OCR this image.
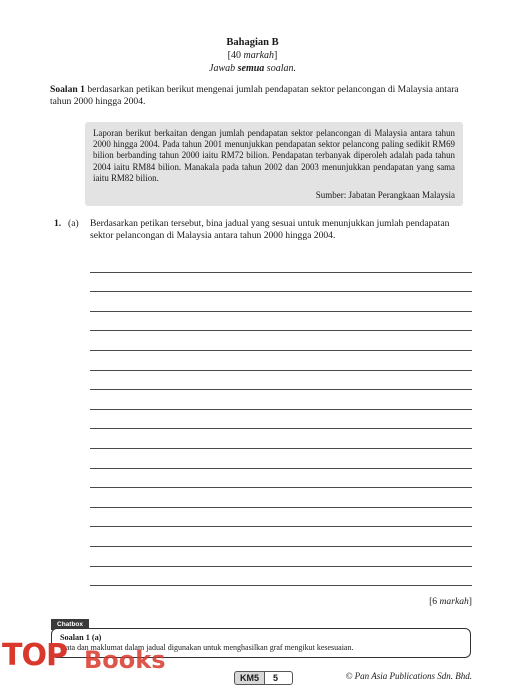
Bahagian B
[40 markah]
Jawab semua soalan.
Soalan 1 berdasarkan petikan berikut mengenai jumlah pendapatan sektor pelancongan di Malaysia antara tahun 2000 hingga 2004.
Laporan berikut berkaitan dengan jumlah pendapatan sektor pelancongan di Malaysia antara tahun 2000 hingga 2004. Pada tahun 2001 menunjukkan pendapatan sektor pelancong paling sedikit RM69 bilion berbanding tahun 2000 iaitu RM72 bilion. Pendapatan terbanyak diperoleh adalah pada tahun 2004 iaitu RM84 bilion. Manakala pada tahun 2002 dan 2003 menunjukkan pendapatan yang sama iaitu RM82 bilion.
Sumber: Jabatan Perangkaan Malaysia
1. (a) Berdasarkan petikan tersebut, bina jadual yang sesuai untuk menunjukkan jumlah pendapatan sektor pelancongan di Malaysia antara tahun 2000 hingga 2004.
[6 markah]
Chatbox
Soalan 1 (a)
Data dan maklumat dalam jadual digunakan untuk menghasilkan graf mengikut kesesuaian.
TOP Books
KM5	5	© Pan Asia Publications Sdn. Bhd.
